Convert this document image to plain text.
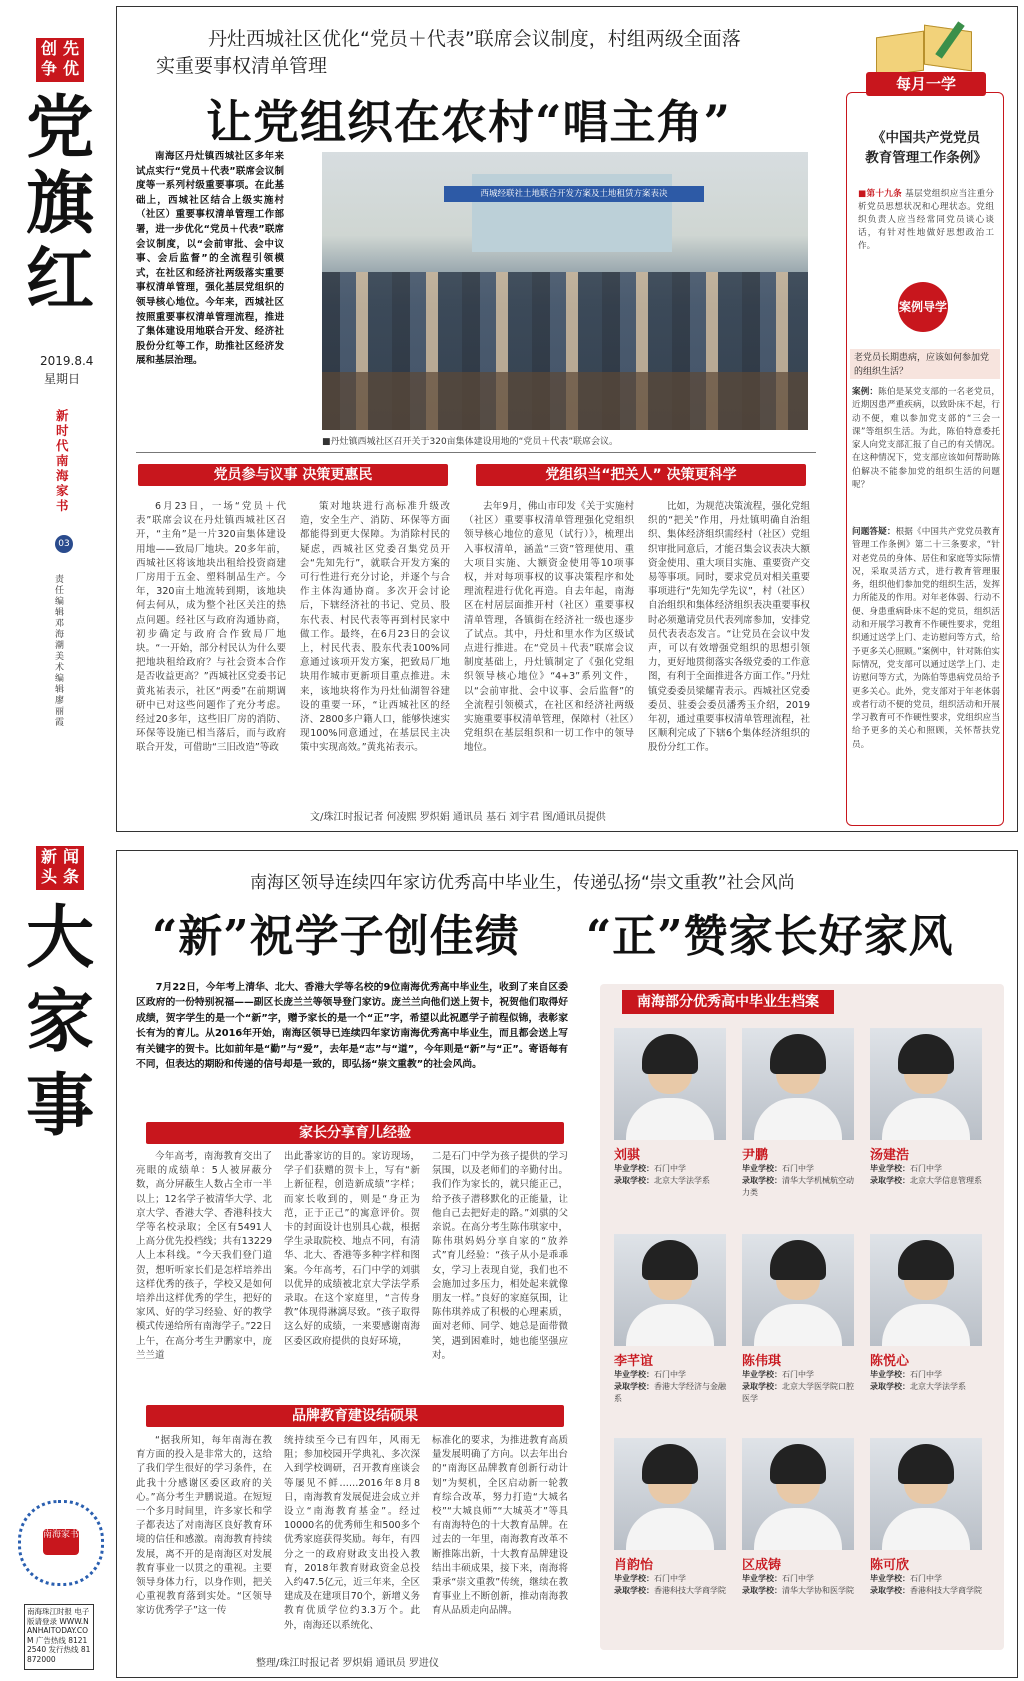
创 先
争 优
党
旗
红
2019.8.4
星期日
新
时
代
南
海
家
书
03
责任编辑 邓海潮 美术编辑 廖丽霞
丹灶西城社区优化“党员＋代表”联席会议制度，村组两级全面落
实重要事权清单管理
让党组织在农村“唱主角”
南海区丹灶镇西城社区多年来试点实行“党员＋代表”联席会议制度等一系列村级重要事项。在此基础上，西城社区结合上级实施村（社区）重要事权清单管理工作部署，进一步优化“党员＋代表”联席会议制度，以“会前审批、会中议事、会后监督”的全流程引领模式，在社区和经济社两级落实重要事权清单管理，强化基层党组织的领导核心地位。今年来，西城社区按照重要事权清单管理流程，推进了集体建设用地联合开发、经济社股份分红等工作，助推社区经济发展和基层治理。
西城经联社土地联合开发方案及土地租赁方案表决
■丹灶镇西城社区召开关于320亩集体建设用地的“党员＋代表”联席会议。
党员参与议事 决策更惠民	党组织当“把关人” 决策更科学
6月23日，一场“党员＋代表”联席会议在丹灶镇西城社区召开，“主角”是一片320亩集体建设用地——致局厂地块。20多年前，西城社区将该地块出租给投资商建厂房用于五金、塑料制品生产。今年，320亩土地流转到期，该地块何去何从，成为整个社区关注的热点问题。经社区与政府沟通协商，初步确定与政府合作致局厂地块。“一开始，部分村民认为什么要把地块租给政府？与社会资本合作是否收益更高？”西城社区党委书记黄兆祐表示，社区“两委”在前期调研中已对这些问题作了充分考虑。经过20多年，这些旧厂房的消防、环保等设施已相当落后，而与政府联合开发，可借助“三旧改造”等政
策对地块进行高标准升级改造，安全生产、消防、环保等方面都能得到更大保障。为消除村民的疑虑，西城社区党委召集党员开会“先知先行”，就联合开发方案的可行性进行充分讨论，并逐个与合作主体沟通协商。多次开会讨论后，下辖经济社的书记、党员、股东代表、村民代表等再到村民家中做工作。最终，在6月23日的会议上，村民代表、股东代表100%同意通过该项开发方案，把致局厂地块用作城市更新项目重点推进。未来，该地块将作为丹灶仙湖智谷建设的重要一环，“让西城社区的经济、2800多户籍人口，能够快速实现100%同意通过，在基层民主决策中实现高效。”黄兆祐表示。
去年9月，佛山市印发《关于实施村（社区）重要事权清单管理强化党组织领导核心地位的意见（试行）》，梳理出入事权清单，涵盖“三资”管理使用、重大项目实施、大额资金使用等10项事权，并对每项事权的议事决策程序和处理流程进行优化再造。自去年起，南海区在村居层面推开村（社区）重要事权清单管理，各镇街在经济社一级也逐步了试点。其中，丹灶和里水作为区级试点进行推进。在“党员＋代表”联席会议制度基础上，丹灶镇制定了《强化党组织领导核心地位》“4+3”系列文件，以“会前审批、会中议事、会后监督”的全流程引领模式，在社区和经济社两级实施重要事权清单管理，保障村（社区）党组织在基层组织和一切工作中的领导地位。
比如，为规范决策流程，强化党组织的“把关”作用，丹灶镇明确自治组织、集体经济组织需经村（社区）党组织审批同意后，才能召集会议表决大额资金使用、重大项目实施、重要资产交易等事项。同时，要求党员对相关重要事项进行“先知先学先议”，村（社区）自治组织和集体经济组织表决重要事权时必须邀请党员代表列席参加，安排党员代表表态发言。“让党员在会议中发声，可以有效增强党组织的思想引领力，更好地贯彻落实各级党委的工作意图，有利于全面推进各方面工作。”丹灶镇党委委员梁耀青表示。西城社区党委委员、驻委会委员潘秀玉介绍，2019年初，通过重要事权清单管理流程，社区顺利完成了下辖6个集体经济组织的股份分红工作。
文/珠江时报记者 何凌熙 罗炽娟 通讯员 基石 刘宇君 图/通讯员提供
每月一学
《中国共产党党员
教育管理工作条例》
■第十九条 基层党组织应当注重分析党员思想状况和心理状态。党组织负责人应当经常同党员谈心谈话，有针对性地做好思想政治工作。
案例导学
老党员长期患病，应该如何参加党的组织生活？
案例：陈伯是某党支部的一名老党员，近期因患严重疾病，以致卧床不起，行动不便，难以参加党支部的“三会一课”等组织生活。为此，陈伯特意委托家人向党支部汇报了自己的有关情况。在这种情况下，党支部应该如何帮助陈伯解决不能参加党的组织生活的问题呢？
问题答疑：根据《中国共产党党员教育管理工作条例》第二十三条要求，“针对老党员的身体、居住和家庭等实际情况，采取灵活方式，进行教育管理服务，组织他们参加党的组织生活，发挥力所能及的作用。对年老体弱、行动不便、身患重病卧床不起的党员，组织活动和开展学习教育不作硬性要求，党组织通过送学上门、走访慰问等方式，给予更多关心照顾。”案例中，针对陈伯实际情况，党支部可以通过送学上门、走访慰问等方式，为陈伯等患病党员给予更多关心。此外，党支部对于年老体弱或者行动不便的党员，组织活动和开展学习教育可不作硬性要求，党组织应当给予更多的关心和照顾，关怀帮扶党员。
新 闻
头 条
大
家
事
南海家书
南海珠江时报 电子版请登录 WWW.NANHAITODAY.COM 广告热线 81212540 发行热线 81872000
南海区领导连续四年家访优秀高中毕业生，传递弘扬“崇文重教”社会风尚
“新”祝学子创佳绩 “正”赞家长好家风
7月22日，今年考上清华、北大、香港大学等名校的9位南海优秀高中毕业生，收到了来自区委区政府的一份特别祝福——副区长庞兰兰等领导登门家访。庞兰兰向他们送上贺卡，祝贺他们取得好成绩，贺字学生的是一个“新”字，赠予家长的是一个“正”字，希望以此祝愿学子前程似锦，表彰家长有为的育儿。从2016年开始，南海区领导已连续四年家访南海优秀高中毕业生，而且都会送上写有关键字的贺卡。比如前年是“勤”与“爱”，去年是“志”与“道”，今年则是“新”与“正”。寄语每有不同，但表达的期盼和传递的信号却是一致的，即弘扬“崇文重教”的社会风尚。
家长分享育儿经验
今年高考，南海教育交出了亮眼的成绩单：5人被屏蔽分数，高分屏蔽生人数占全市一半以上；12名学子被清华大学、北京大学、香港大学、香港科技大学等名校录取；全区有5491人上高分优先投档线；共有13229人上本科线。“今天我们登门道贺，想听听家长们是怎样培养出这样优秀的孩子，学校又是如何培养出这样优秀的学生，把好的家风、好的学习经验、好的教学模式传递给所有南海学子。”22日上午，在高分考生尹鹏家中，庞兰兰道
出此番家访的目的。家访现场，学子们获赠的贺卡上，写有“新上新征程，创造新成绩”字样；而家长收到的，则是“身正为范，正于正己”的寓意评价。贺卡的封面设计也别具心裁，根据学生录取院校、地点不同，有清华、北大、香港等多种字样和图案。今年高考，石门中学的刘骐以优异的成绩被北京大学法学系录取。在这个家庭里，“言传身教”体现得淋漓尽致。“孩子取得这么好的成绩，一来要感谢南海区委区政府提供的良好环境，
二是石门中学为孩子提供的学习氛围，以及老师们的辛勤付出。我们作为家长的，就只能正己，给予孩子潜移默化的正能量，让他自己去把好走的路。”刘骐的父亲说。在高分考生陈伟琪家中，陈伟琪妈妈分享自家的“放养式”育儿经验：“孩子从小是乖乖女，学习上表现自觉，我们也不会施加过多压力，相处起来就像朋友一样。”良好的家庭氛围，让陈伟琪养成了积极的心理素质，面对老师、同学、她总是面带微笑，遇到困难时，她也能坚强应对。
品牌教育建设结硕果
“据我所知，每年南海在教育方面的投入是非常大的，这给了我们学生很好的学习条件，在此我十分感谢区委区政府的关心。”高分考生尹鹏说道。在短短一个多月时间里，许多家长和学子都表达了对南海区良好教育环境的信任和感激。南海教育持续发展，离不开的是南海区对发展教育事业一以贯之的重视。主要领导身体力行，以身作则，把关心重视教育落到实处。“区领导家访优秀学子”这一传
统持续至今已有四年，风雨无阻；参加校园开学典礼、多次深入到学校调研，召开教育座谈会等屡见不鲜……2016年8月8日，南海教育发展促进会成立并设立“南海教育基金”。经过10000名的优秀师生和500多个优秀家庭获得奖励。每年，有四分之一的政府财政支出投入教育，2018年教育财政资金总投入约47.5亿元，近三年来，全区建成及在建项目70个，新增义务教育优质学位约3.3万个。此外，南海还以系统化、
标准化的要求，为推进教育高质量发展明确了方向。以去年出台的“南海区品牌教育创新行动计划”为契机，全区启动新一轮教育综合改革，努力打造“大城名校”“大城良师”“大城英才”等具有南海特色的十大教育品牌。在过去的一年里，南海教育改革不断推陈出新，十大教育品牌建设结出丰硕成果，接下来，南海将秉承“崇文重教”传统，继续在教育事业上不断创新，推动南海教育从品质走向品牌。
整理/珠江时报记者 罗炽娟 通讯员 罗进仪
南海部分优秀高中毕业生档案
刘骐
毕业学校：石门中学
录取学校：北京大学法学系
尹鹏
毕业学校：石门中学
录取学校：清华大学机械航空动力类
汤建浩
毕业学校：石门中学
录取学校：北京大学信息管理系
李芊谊
毕业学校：石门中学
录取学校：香港大学经济与金融系
陈伟琪
毕业学校：石门中学
录取学校：北京大学医学院口腔医学
陈悦心
毕业学校：石门中学
录取学校：北京大学法学系
肖韵怡
毕业学校：石门中学
录取学校：香港科技大学商学院
区成铸
毕业学校：石门中学
录取学校：清华大学协和医学院
陈可欣
毕业学校：石门中学
录取学校：香港科技大学商学院
